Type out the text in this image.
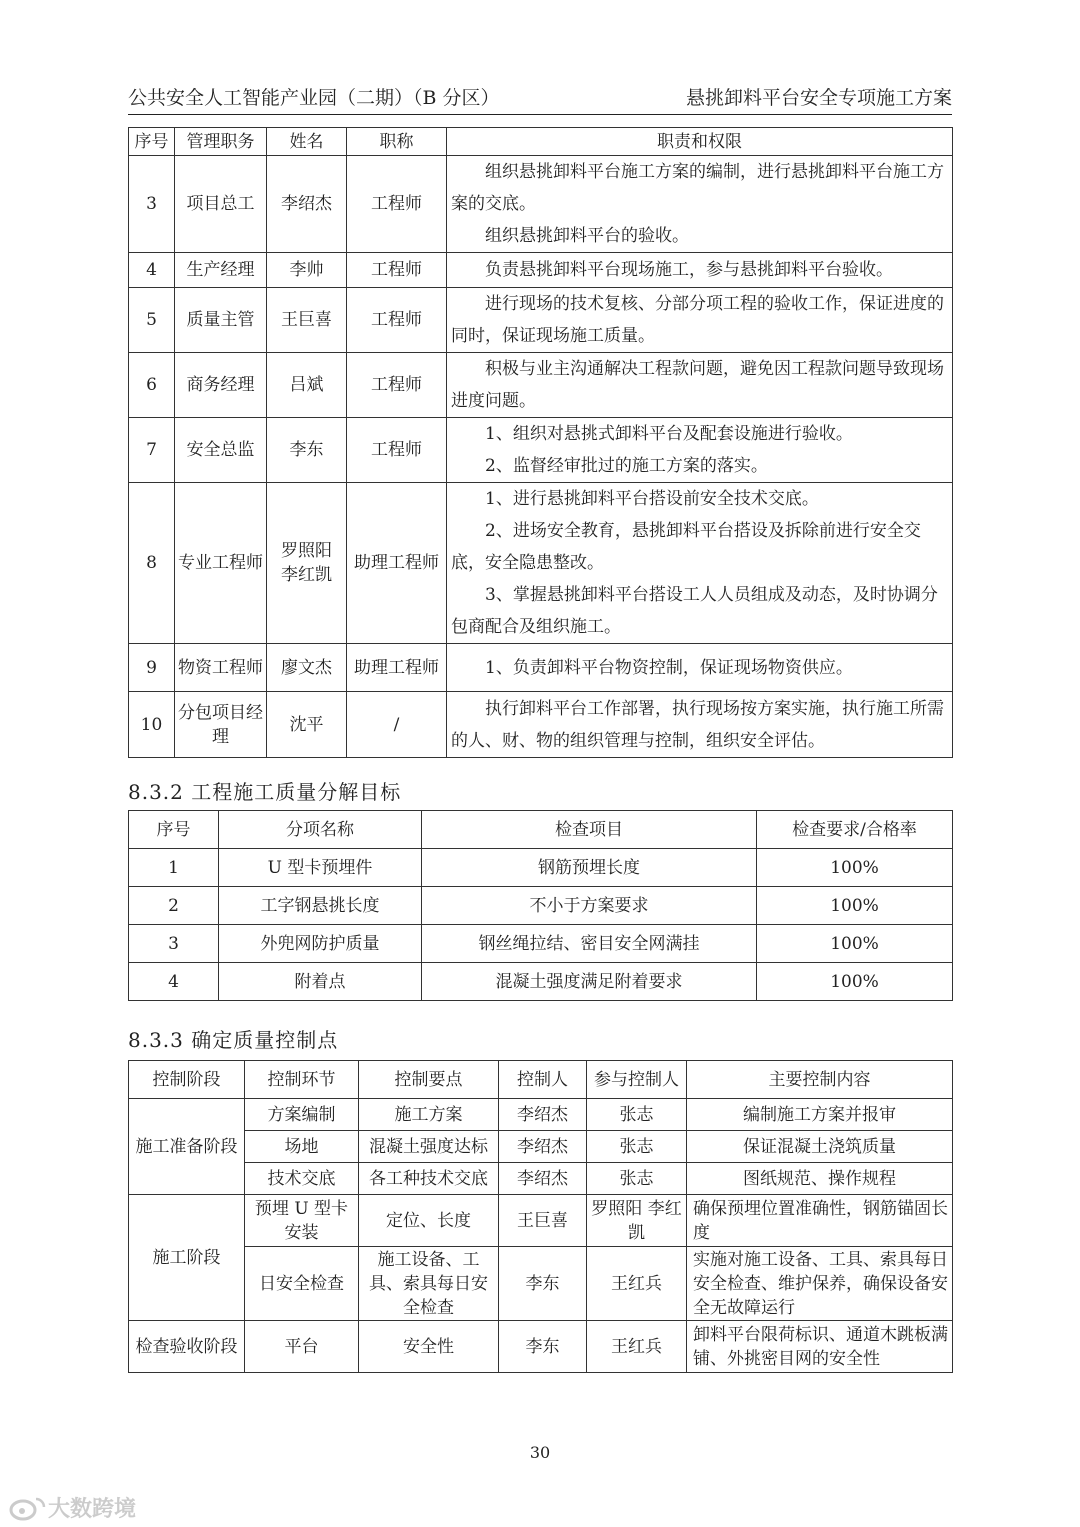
公共安全人工智能产业园（二期）（B 分区）	悬挑卸料平台安全专项施工方案
序号	管理职务	姓名	职称	职责和权限
3	项目总工	李绍杰	工程师	组织悬挑卸料平台施工方案的编制，进行悬挑卸料平台施工方案的交底。

组织悬挑卸料平台的验收。

4	生产经理	李帅	工程师	负责悬挑卸料平台现场施工，参与悬挑卸料平台验收。

5	质量主管	王巨喜	工程师	进行现场的技术复核、分部分项工程的验收工作，保证进度的同时，保证现场施工质量。

6	商务经理	吕斌	工程师	积极与业主沟通解决工程款问题，避免因工程款问题导致现场进度问题。

7	安全总监	李东	工程师	1、组织对悬挑式卸料平台及配套设施进行验收。

2、监督经审批过的施工方案的落实。

8	专业工程师	罗照阳 李红凯	助理工程师	1、进行悬挑卸料平台搭设前安全技术交底。

2、进场安全教育，悬挑卸料平台搭设及拆除前进行安全交底，安全隐患整改。

3、掌握悬挑卸料平台搭设工人人员组成及动态，及时协调分包商配合及组织施工。

9	物资工程师	廖文杰	助理工程师	1、负责卸料平台物资控制，保证现场物资供应。

10	分包项目经理	沈平	/	执行卸料平台工作部署，执行现场按方案实施，执行施工所需的人、财、物的组织管理与控制，组织安全评估。

8.3.2 工程施工质量分解目标
序号	分项名称	检查项目	检查要求/合格率
1	U 型卡预埋件	钢筋预埋长度	100%
2	工字钢悬挑长度	不小于方案要求	100%
3	外兜网防护质量	钢丝绳拉结、密目安全网满挂	100%
4	附着点	混凝土强度满足附着要求	100%
8.3.3 确定质量控制点
控制阶段	控制环节	控制要点	控制人	参与控制人	主要控制内容
施工准备阶段	方案编制	施工方案	李绍杰	张志	编制施工方案并报审
	场地	混凝土强度达标	李绍杰	张志	保证混凝土浇筑质量
	技术交底	各工种技术交底	李绍杰	张志	图纸规范、操作规程
施工阶段	预埋 U 型卡安装	定位、长度	王巨喜	罗照阳 李红凯	确保预埋位置准确性，钢筋锚固长度
	日安全检查	施工设备、工具、索具每日安全检查	李东	王红兵	实施对施工设备、工具、索具每日安全检查、维护保养，确保设备安全无故障运行
检查验收阶段	平台	安全性	李东	王红兵	卸料平台限荷标识、通道木跳板满铺、外挑密目网的安全性
30
大数跨境
